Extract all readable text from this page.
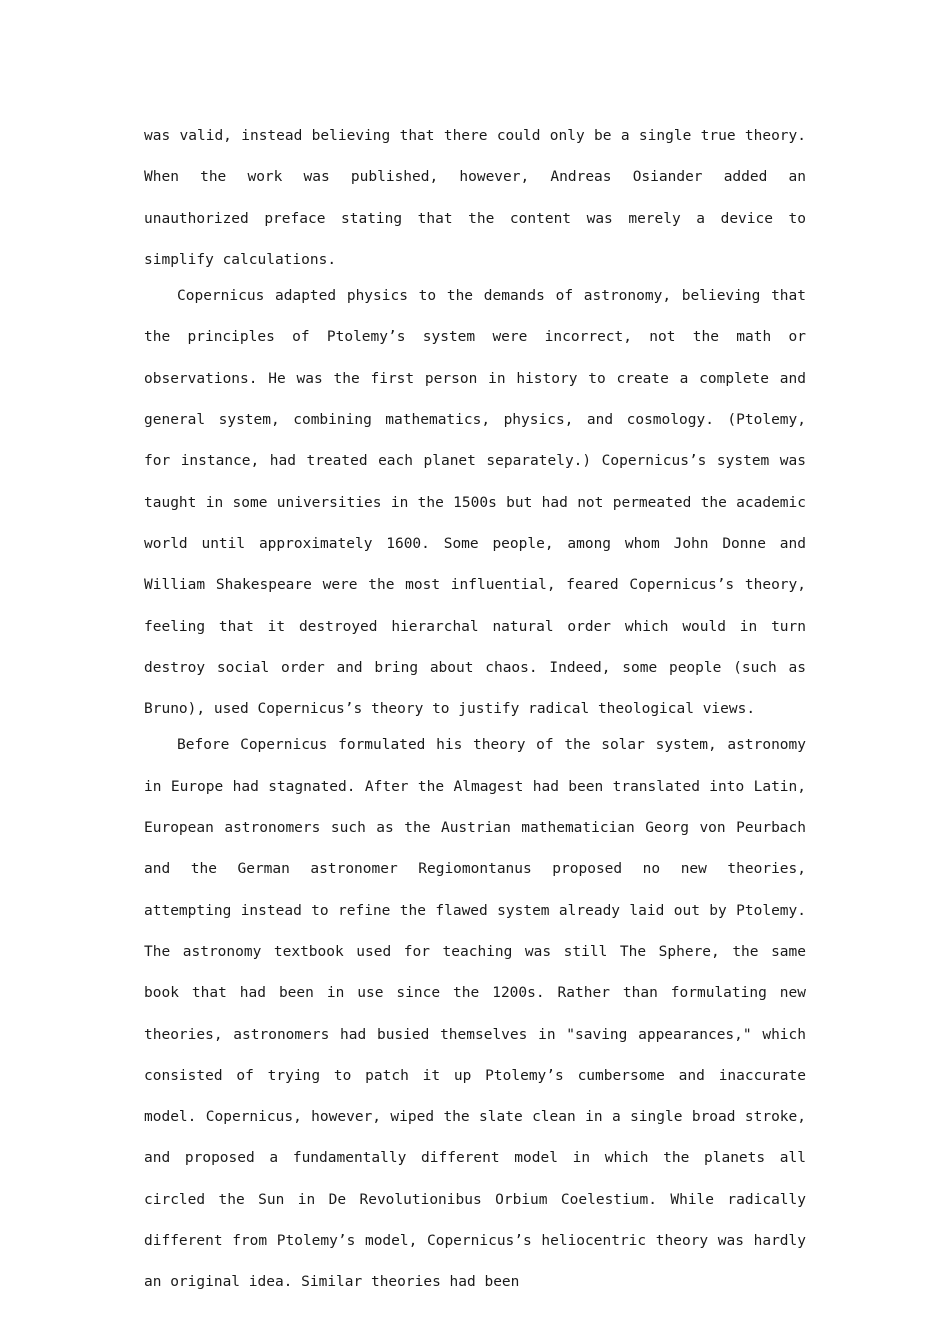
was valid, instead believing that there could only be a single true theory. When the work was published, however, Andreas Osiander added an unauthorized preface stating that the content was merely a device to simplify calculations.

Copernicus adapted physics to the demands of astronomy, believing that the principles of Ptolemy’s system were incorrect, not the math or observations. He was the first person in history to create a complete and general system, combining mathematics, physics, and cosmology. (Ptolemy, for instance, had treated each planet separately.) Copernicus’s system was taught in some universities in the 1500s but had not permeated the academic world until approximately 1600. Some people, among whom John Donne and William Shakespeare were the most influential, feared Copernicus’s theory, feeling that it destroyed hierarchal natural order which would in turn destroy social order and bring about chaos. Indeed, some people (such as Bruno), used Copernicus’s theory to justify radical theological views.

Before Copernicus formulated his theory of the solar system, astronomy in Europe had stagnated. After the Almagest had been translated into Latin, European astronomers such as the Austrian mathematician Georg von Peurbach and the German astronomer Regiomontanus proposed no new theories, attempting instead to refine the flawed system already laid out by Ptolemy. The astronomy textbook used for teaching was still The Sphere, the same book that had been in use since the 1200s. Rather than formulating new theories, astronomers had busied themselves in "saving appearances," which consisted of trying to patch it up Ptolemy’s cumbersome and inaccurate model. Copernicus, however, wiped the slate clean in a single broad stroke, and proposed a fundamentally different model in which the planets all circled the Sun in De Revolutionibus Orbium Coelestium. While radically different from Ptolemy’s model, Copernicus’s heliocentric theory was hardly an original idea. Similar theories had been
